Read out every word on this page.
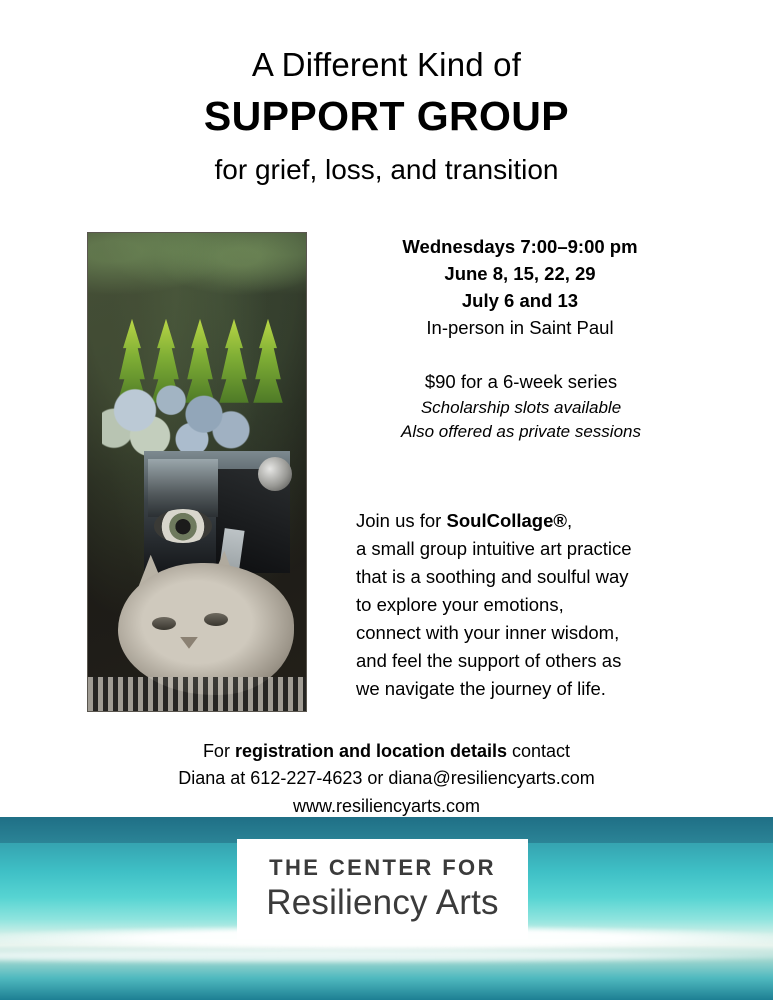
A Different Kind of
SUPPORT GROUP
for grief, loss, and transition
Wednesdays 7:00–9:00 pm
June 8, 15, 22, 29
July 6 and 13
In-person in Saint Paul
$90 for a 6-week series
Scholarship slots available
Also offered as private sessions
Join us for SoulCollage®,
a small group intuitive art practice
that is a soothing and soulful way
to explore your emotions,
connect with your inner wisdom,
and feel the support of others as
we navigate the journey of life.
For registration and location details contact
Diana at 612-227-4623 or diana@resiliencyarts.com
www.resiliencyarts.com
THE CENTER FOR
Resiliency Arts
